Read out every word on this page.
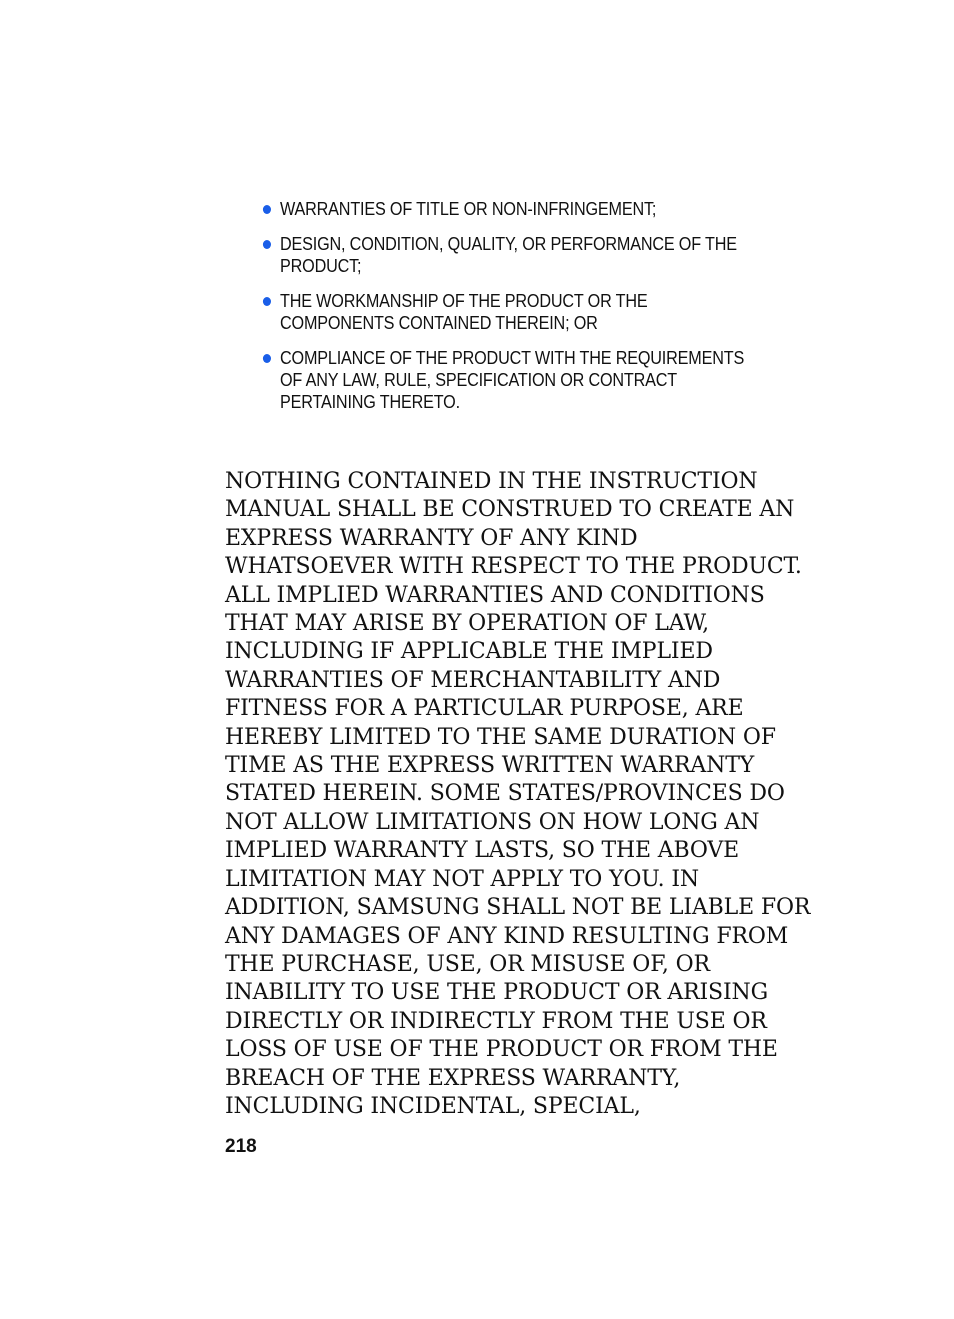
WARRANTIES OF TITLE OR NON-INFRINGEMENT;
DESIGN, CONDITION, QUALITY, OR PERFORMANCE OF THE PRODUCT;
THE WORKMANSHIP OF THE PRODUCT OR THE COMPONENTS CONTAINED THEREIN; OR
COMPLIANCE OF THE PRODUCT WITH THE REQUIREMENTS OF ANY LAW, RULE, SPECIFICATION OR CONTRACT PERTAINING THERETO.
NOTHING CONTAINED IN THE INSTRUCTION
MANUAL SHALL BE CONSTRUED TO CREATE AN
EXPRESS WARRANTY OF ANY KIND
WHATSOEVER WITH RESPECT TO THE PRODUCT.
ALL IMPLIED WARRANTIES AND CONDITIONS
THAT MAY ARISE BY OPERATION OF LAW,
INCLUDING IF APPLICABLE THE IMPLIED
WARRANTIES OF MERCHANTABILITY AND
FITNESS FOR A PARTICULAR PURPOSE, ARE
HEREBY LIMITED TO THE SAME DURATION OF
TIME AS THE EXPRESS WRITTEN WARRANTY
STATED HEREIN. SOME STATES/PROVINCES DO
NOT ALLOW LIMITATIONS ON HOW LONG AN
IMPLIED WARRANTY LASTS, SO THE ABOVE
LIMITATION MAY NOT APPLY TO YOU. IN
ADDITION, SAMSUNG SHALL NOT BE LIABLE FOR
ANY DAMAGES OF ANY KIND RESULTING FROM
THE PURCHASE, USE, OR MISUSE OF, OR
INABILITY TO USE THE PRODUCT OR ARISING
DIRECTLY OR INDIRECTLY FROM THE USE OR
LOSS OF USE OF THE PRODUCT OR FROM THE
BREACH OF THE EXPRESS WARRANTY,
INCLUDING INCIDENTAL, SPECIAL,
218
